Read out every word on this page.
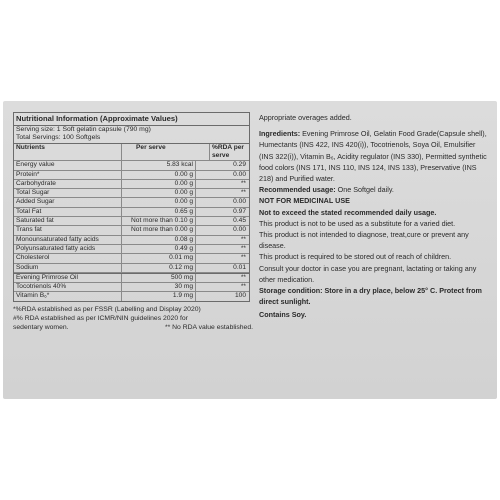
Nutritional Information (Approximate Values)
Serving size: 1 Soft gelatin capsule (790 mg)
Total Servings: 100 Softgels
Nutrients	Per serve	%RDA per serve
Energy value	5.83 kcal	0.29
Protein*	0.00 g	0.00
Carbohydrate	0.00 g	**
Total Sugar	0.00 g	**
Added Sugar	0.00 g	0.00
Total Fat	0.65 g	0.97
Saturated fat	Not more than 0.10 g	0.45
Trans fat	Not more than 0.00 g	0.00
Monounsaturated fatty acids	0.08 g	**
Polyunsaturated fatty acids	0.49 g	**
Cholesterol	0.01 mg	**
Sodium	0.12 mg	0.01
Evening Primrose Oil	500 mg	**
Tocotrienols 40%	30 mg	**
Vitamin B₆*	1.9 mg	100
*%RDA established as per FSSR (Labelling and Display 2020)
#% RDA established as per ICMR/NIN guidelines 2020 for
sedentary women.	** No RDA value established.

Appropriate overages added.

Ingredients: Evening Primrose Oil, Gelatin Food Grade(Capsule shell), Humectants (INS 422, INS 420(i)), Tocotrienols, Soya Oil, Emulsifier (INS 322(i)), Vitamin B₆, Acidity regulator (INS 330), Permitted synthetic food colors (INS 171, INS 110, INS 124, INS 133), Preservative (INS 218) and Purified water.

Recommended usage: One Softgel daily.

NOT FOR MEDICINAL USE

Not to exceed the stated recommended daily usage.

This product is not to be used as a substitute for a varied diet.

This product is not intended to diagnose, treat,cure or prevent any disease.

This product is required to be stored out of reach of children.

Consult your doctor in case you are pregnant, lactating or taking any other medication.

Storage condition: Store in a dry place, below 25° C. Protect from direct sunlight.

Contains Soy.
